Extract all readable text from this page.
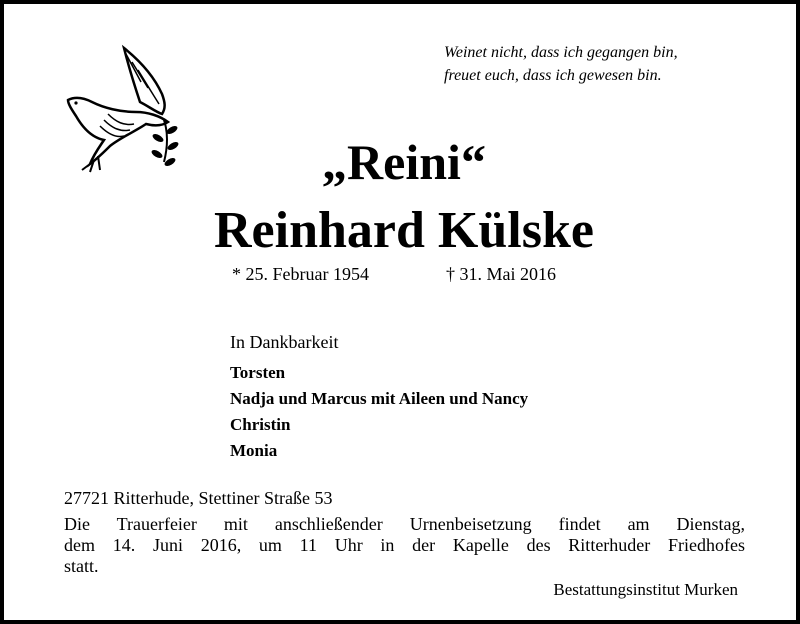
Weinet nicht, dass ich gegangen bin,
freuet euch, dass ich gewesen bin.
„Reini“
Reinhard Külske
* 25. Februar 1954	† 31. Mai 2016
In Dankbarkeit
Torsten
Nadja und Marcus mit Aileen und Nancy
Christin
Monia
27721 Ritterhude, Stettiner Straße 53
Die Trauerfeier mit anschließender Urnenbeisetzung findet am Dienstag,
dem 14. Juni 2016, um 11 Uhr in der Kapelle des Ritterhuder Friedhofes
statt.
Bestattungsinstitut Murken
